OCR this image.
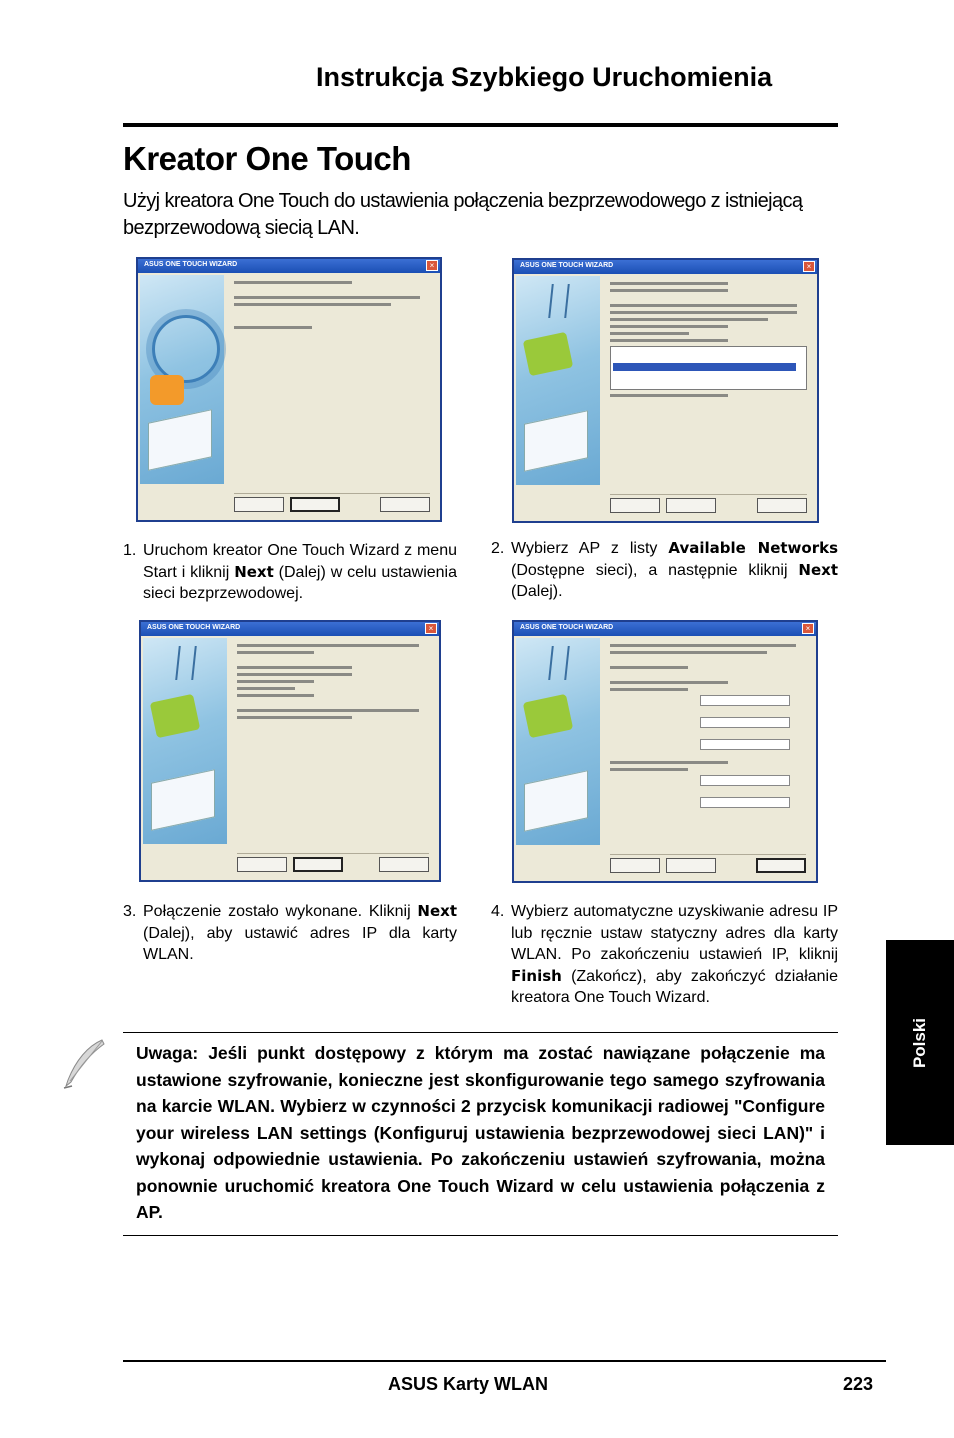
Instrukcja Szybkiego Uruchomienia
Kreator One Touch
Użyj kreatora One Touch do ustawienia połączenia bezprzewodowego z istniejącą bezprzewodową siecią LAN.
ASUS ONE TOUCH WIZARD	×	ASUS ONE TOUCH WIZARD	×
1. Uruchom kreator One Touch Wizard z menu Start i kliknij Next (Dalej) w celu ustawienia sieci bezprzewodowej.
2. Wybierz AP z listy Available Networks (Dostępne sieci), a następnie kliknij Next (Dalej).
ASUS ONE TOUCH WIZARD	×	ASUS ONE TOUCH WIZARD	×
3. Połączenie zostało wykonane. Kliknij Next (Dalej), aby ustawić adres IP dla karty WLAN.
4. Wybierz automatyczne uzyskiwanie adresu IP lub ręcznie ustaw statyczny adres dla karty WLAN. Po zakończeniu ustawień IP, kliknij Finish (Zakończ), aby zakończyć działanie kreatora One Touch Wizard.
Uwaga: Jeśli punkt dostępowy z którym ma zostać nawiązane połączenie ma ustawione szyfrowanie, konieczne jest skonfigurowanie tego samego szyfrowania na karcie WLAN. Wybierz w czynności 2 przycisk komunikacji radiowej "Configure your wireless LAN settings (Konfiguruj ustawienia bezprzewodowej sieci LAN)" i wykonaj odpowiednie ustawienia. Po zakończeniu ustawień szyfrowania, można ponownie uruchomić kreatora One Touch Wizard w celu ustawienia połączenia z AP.
Polski
ASUS Karty WLAN	223
